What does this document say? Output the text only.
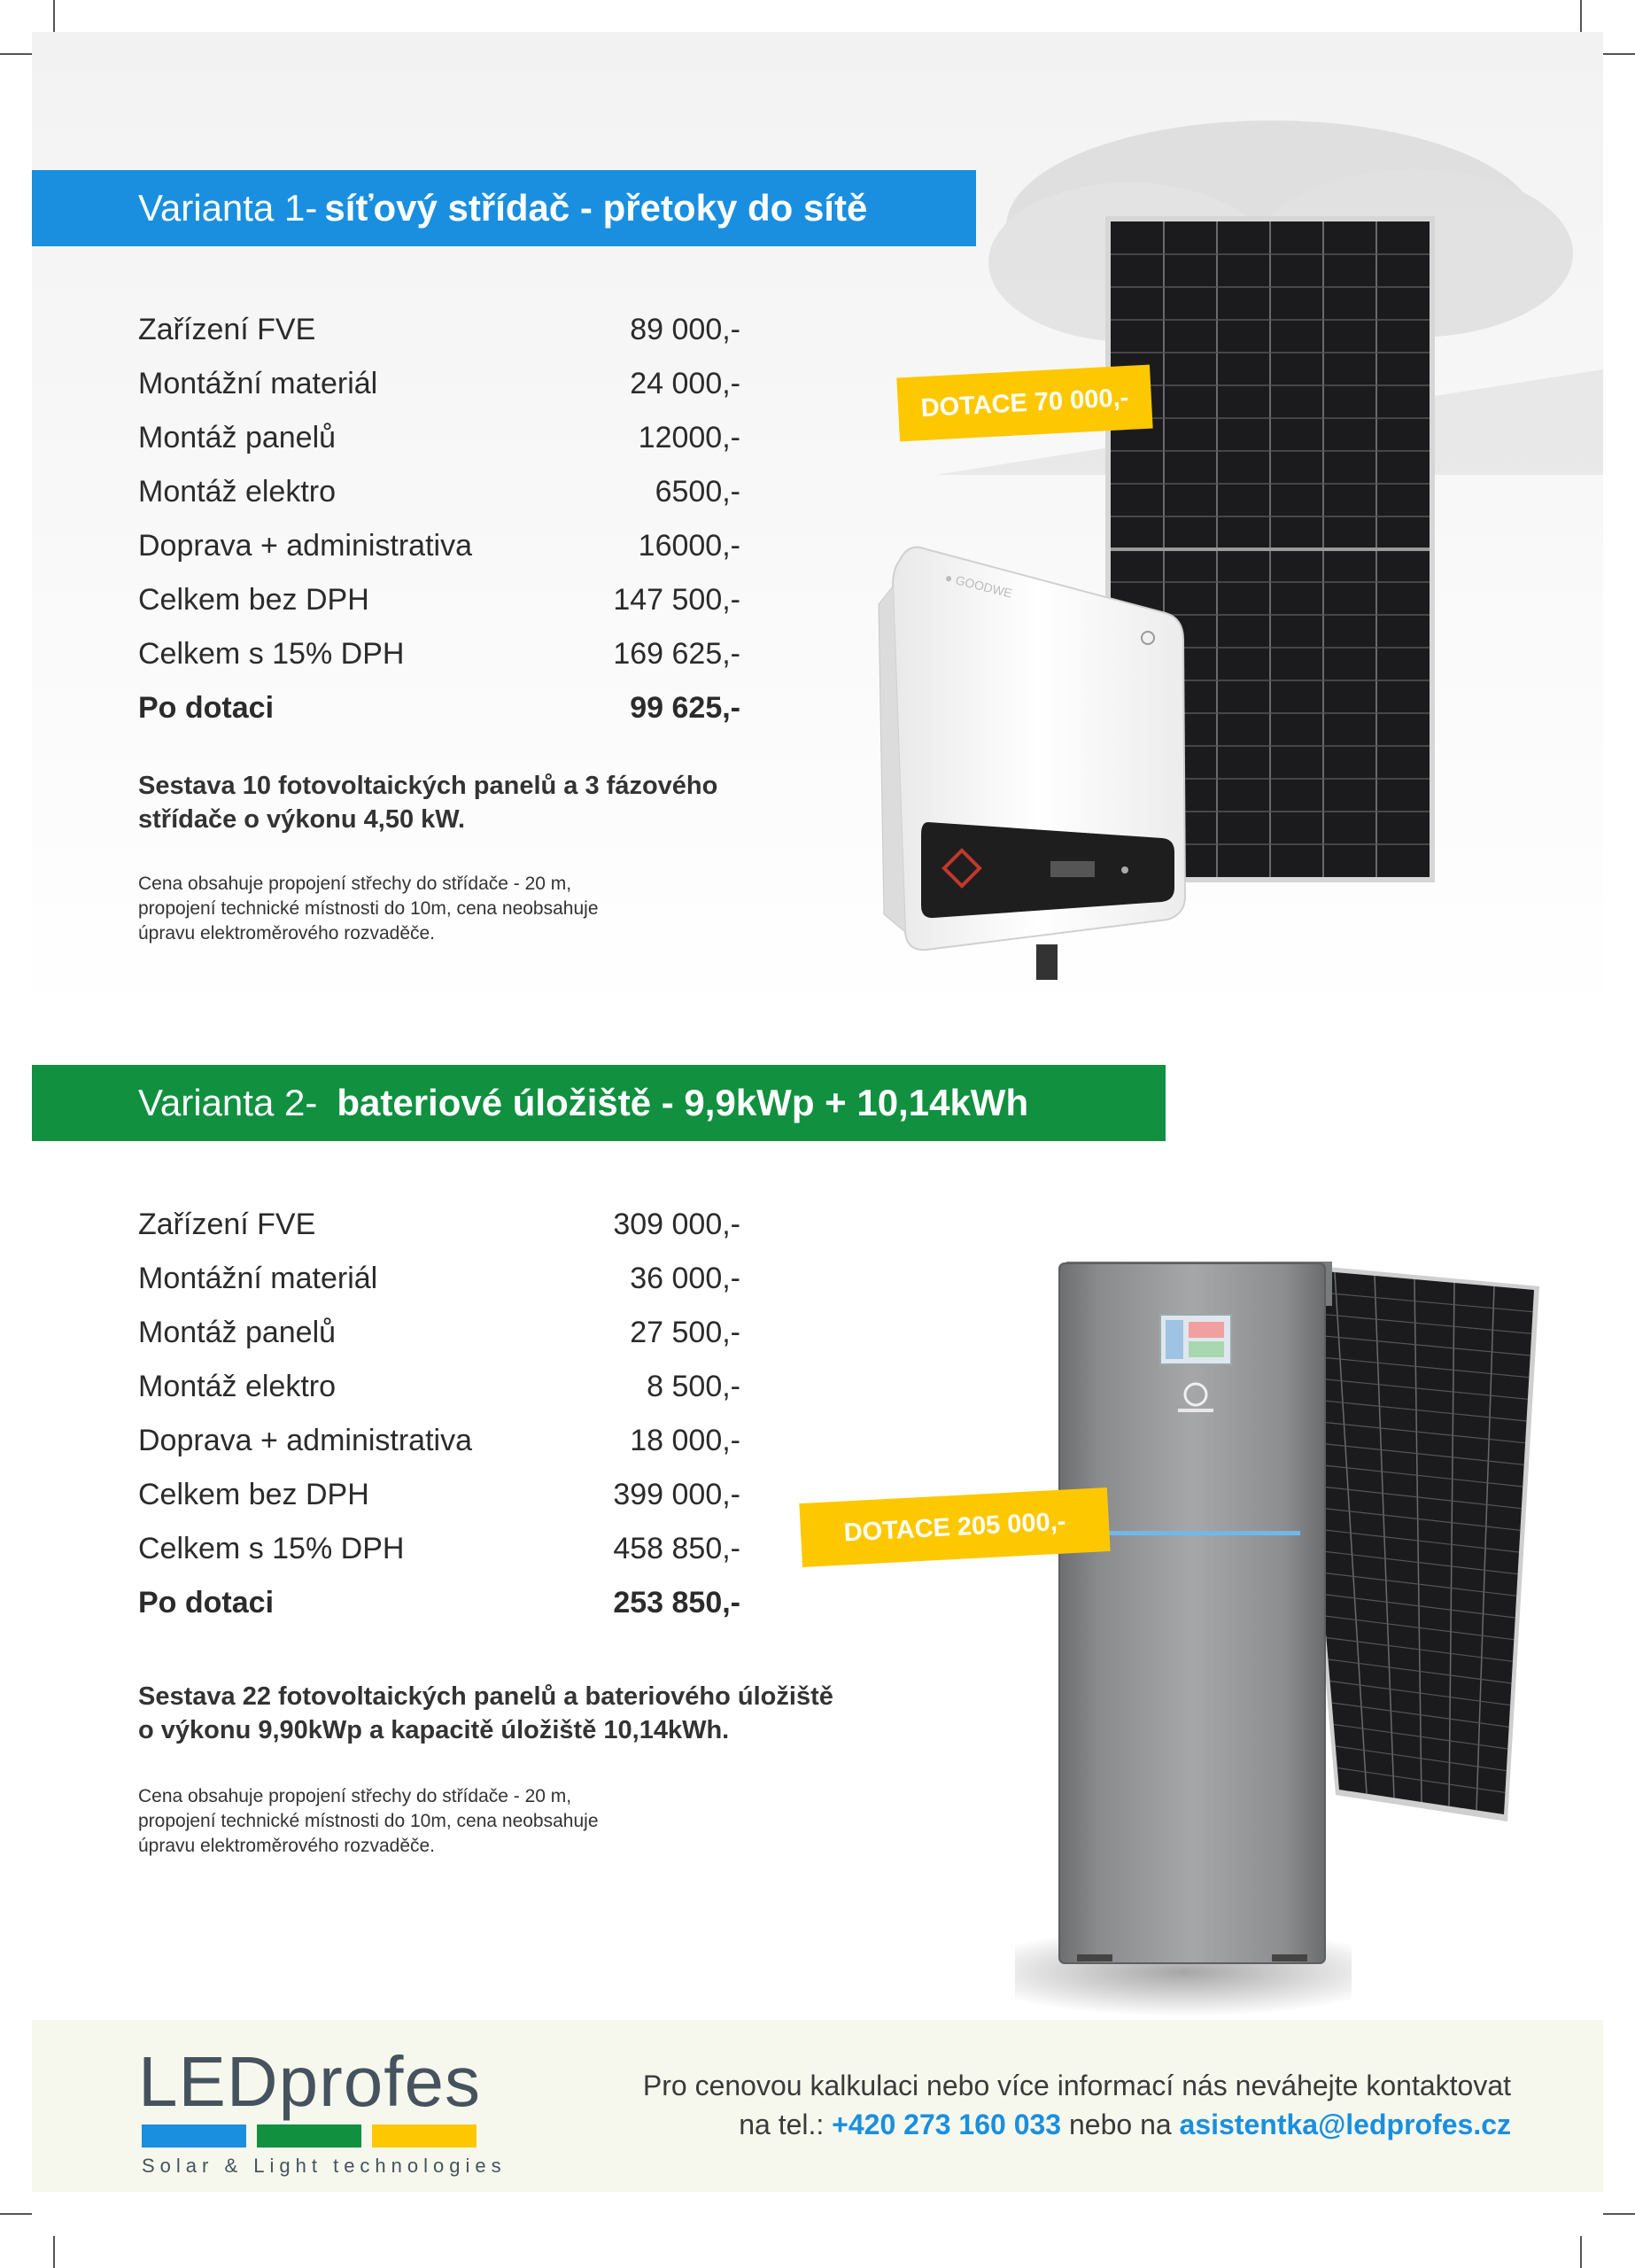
Varianta 1- síťový střídač - přetoky do sítě
Zařízení FVE	89 000,-
Montážní materiál	24 000,-
Montáž panelů	12000,-
Montáž elektro	6500,-
Doprava + administrativa	16000,-
Celkem bez DPH	147 500,-
Celkem s 15% DPH	169 625,-
Po dotaci	99 625,-
Sestava 10 fotovoltaických panelů a 3 fázového
střídače o výkonu 4,50 kW.
Cena obsahuje propojení střechy do střídače - 20 m,
propojení technické místnosti do 10m, cena neobsahuje
úpravu elektroměrového rozvaděče.
● GOODWE
DOTACE 70 000,-
Varianta 2- bateriové úložiště - 9,9kWp + 10,14kWh
Zařízení FVE	309 000,-
Montážní materiál	36 000,-
Montáž panelů	27 500,-
Montáž elektro	8 500,-
Doprava + administrativa	18 000,-
Celkem bez DPH	399 000,-
Celkem s 15% DPH	458 850,-
Po dotaci	253 850,-
Sestava 22 fotovoltaických panelů a bateriového úložiště
o výkonu 9,90kWp a kapacitě úložiště 10,14kWh.
Cena obsahuje propojení střechy do střídače - 20 m,
propojení technické místnosti do 10m, cena neobsahuje
úpravu elektroměrového rozvaděče.
DOTACE 205 000,-
LEDprofes
Solar & Light technologies
Pro cenovou kalkulaci nebo více informací nás neváhejte kontaktovat
na tel.: +420 273 160 033 nebo na asistentka@ledprofes.cz
